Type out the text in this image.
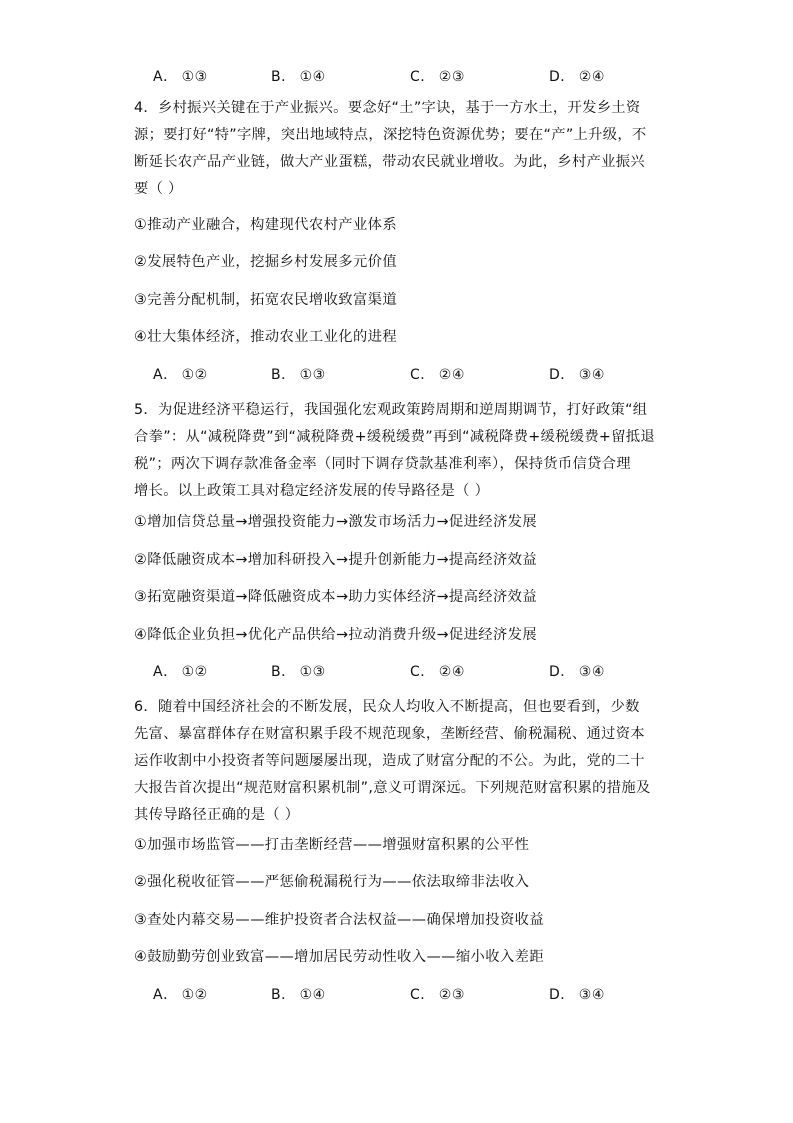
A． ①③	B． ①④	C． ②③	D． ②④
4．乡村振兴关键在于产业振兴。要念好“土”字诀，基于一方水土，开发乡土资
源；要打好“特”字牌，突出地域特点，深挖特色资源优势；要在“产”上升级，不
断延长农产品产业链，做大产业蛋糕，带动农民就业增收。为此，乡村产业振兴
要（ ）
①推动产业融合，构建现代农村产业体系
②发展特色产业，挖掘乡村发展多元价值
③完善分配机制，拓宽农民增收致富渠道
④壮大集体经济，推动农业工业化的进程
A． ①②	B． ①③	C． ②④	D． ③④
5．为促进经济平稳运行，我国强化宏观政策跨周期和逆周期调节，打好政策“组
合拳”：从“减税降费”到“减税降费+缓税缓费”再到“减税降费+缓税缓费+留抵退
税”；两次下调存款准备金率（同时下调存贷款基准利率），保持货币信贷合理
增长。以上政策工具对稳定经济发展的传导路径是（ ）
①增加信贷总量→增强投资能力→激发市场活力→促进经济发展
②降低融资成本→增加科研投入→提升创新能力→提高经济效益
③拓宽融资渠道→降低融资成本→助力实体经济→提高经济效益
④降低企业负担→优化产品供给→拉动消费升级→促进经济发展
A． ①②	B． ①③	C． ②④	D． ③④
6．随着中国经济社会的不断发展，民众人均收入不断提高，但也要看到，少数
先富、暴富群体存在财富积累手段不规范现象，垄断经营、偷税漏税、通过资本
运作收割中小投资者等问题屡屡出现，造成了财富分配的不公。为此，党的二十
大报告首次提出“规范财富积累机制”,意义可谓深远。下列规范财富积累的措施及
其传导路径正确的是（ ）
①加强市场监管——打击垄断经营——增强财富积累的公平性
②强化税收征管——严惩偷税漏税行为——依法取缔非法收入
③查处内幕交易——维护投资者合法权益——确保增加投资收益
④鼓励勤劳创业致富——增加居民劳动性收入——缩小收入差距
A． ①②	B． ①④	C． ②③	D． ③④
